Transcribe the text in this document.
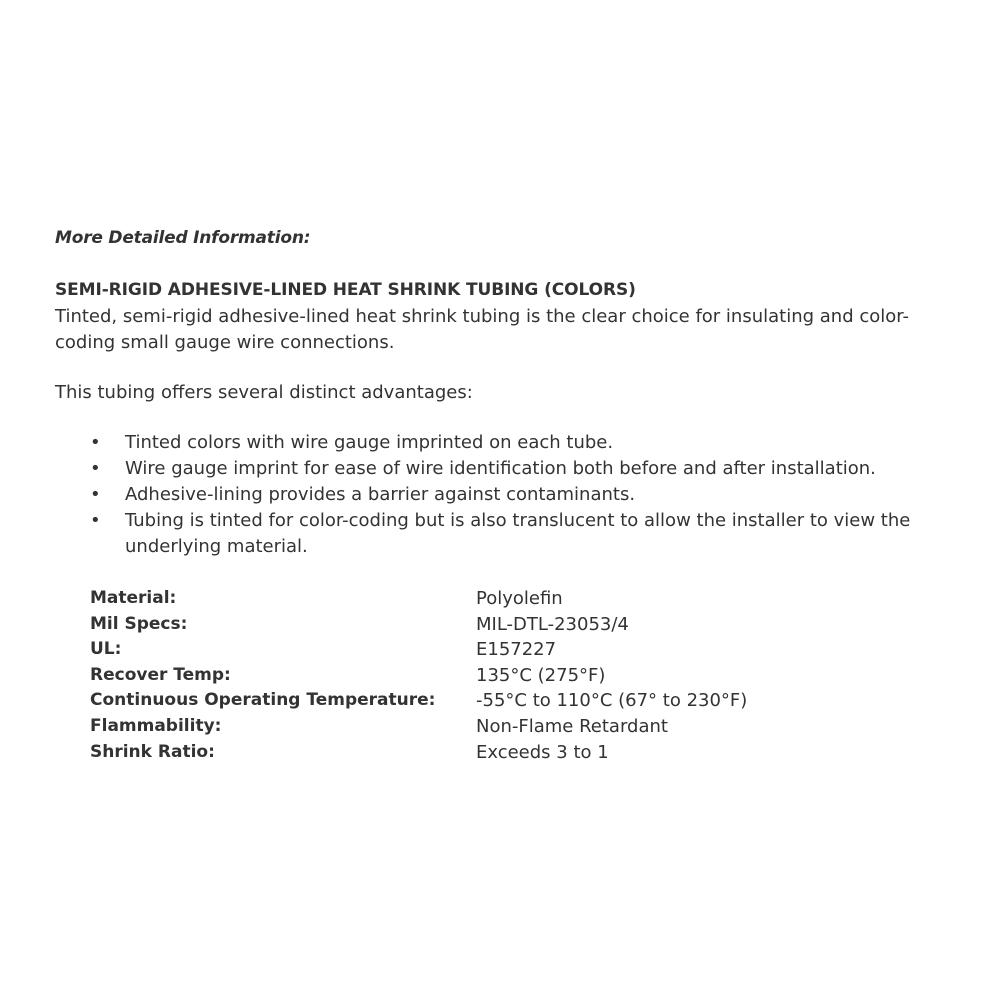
More Detailed Information:
SEMI-RIGID ADHESIVE-LINED HEAT SHRINK TUBING (COLORS)
Tinted, semi-rigid adhesive-lined heat shrink tubing is the clear choice for insulating and color-coding small gauge wire connections.
This tubing offers several distinct advantages:
• Tinted colors with wire gauge imprinted on each tube.
• Wire gauge imprint for ease of wire identification both before and after installation.
• Adhesive-lining provides a barrier against contaminants.
• Tubing is tinted for color-coding but is also translucent to allow the installer to view the underlying material.
Material:	Polyolefin
Mil Specs:	MIL-DTL-23053/4
UL:	E157227
Recover Temp:	135°C (275°F)
Continuous Operating Temperature:	-55°C to 110°C (67° to 230°F)
Flammability:	Non-Flame Retardant
Shrink Ratio:	Exceeds 3 to 1
